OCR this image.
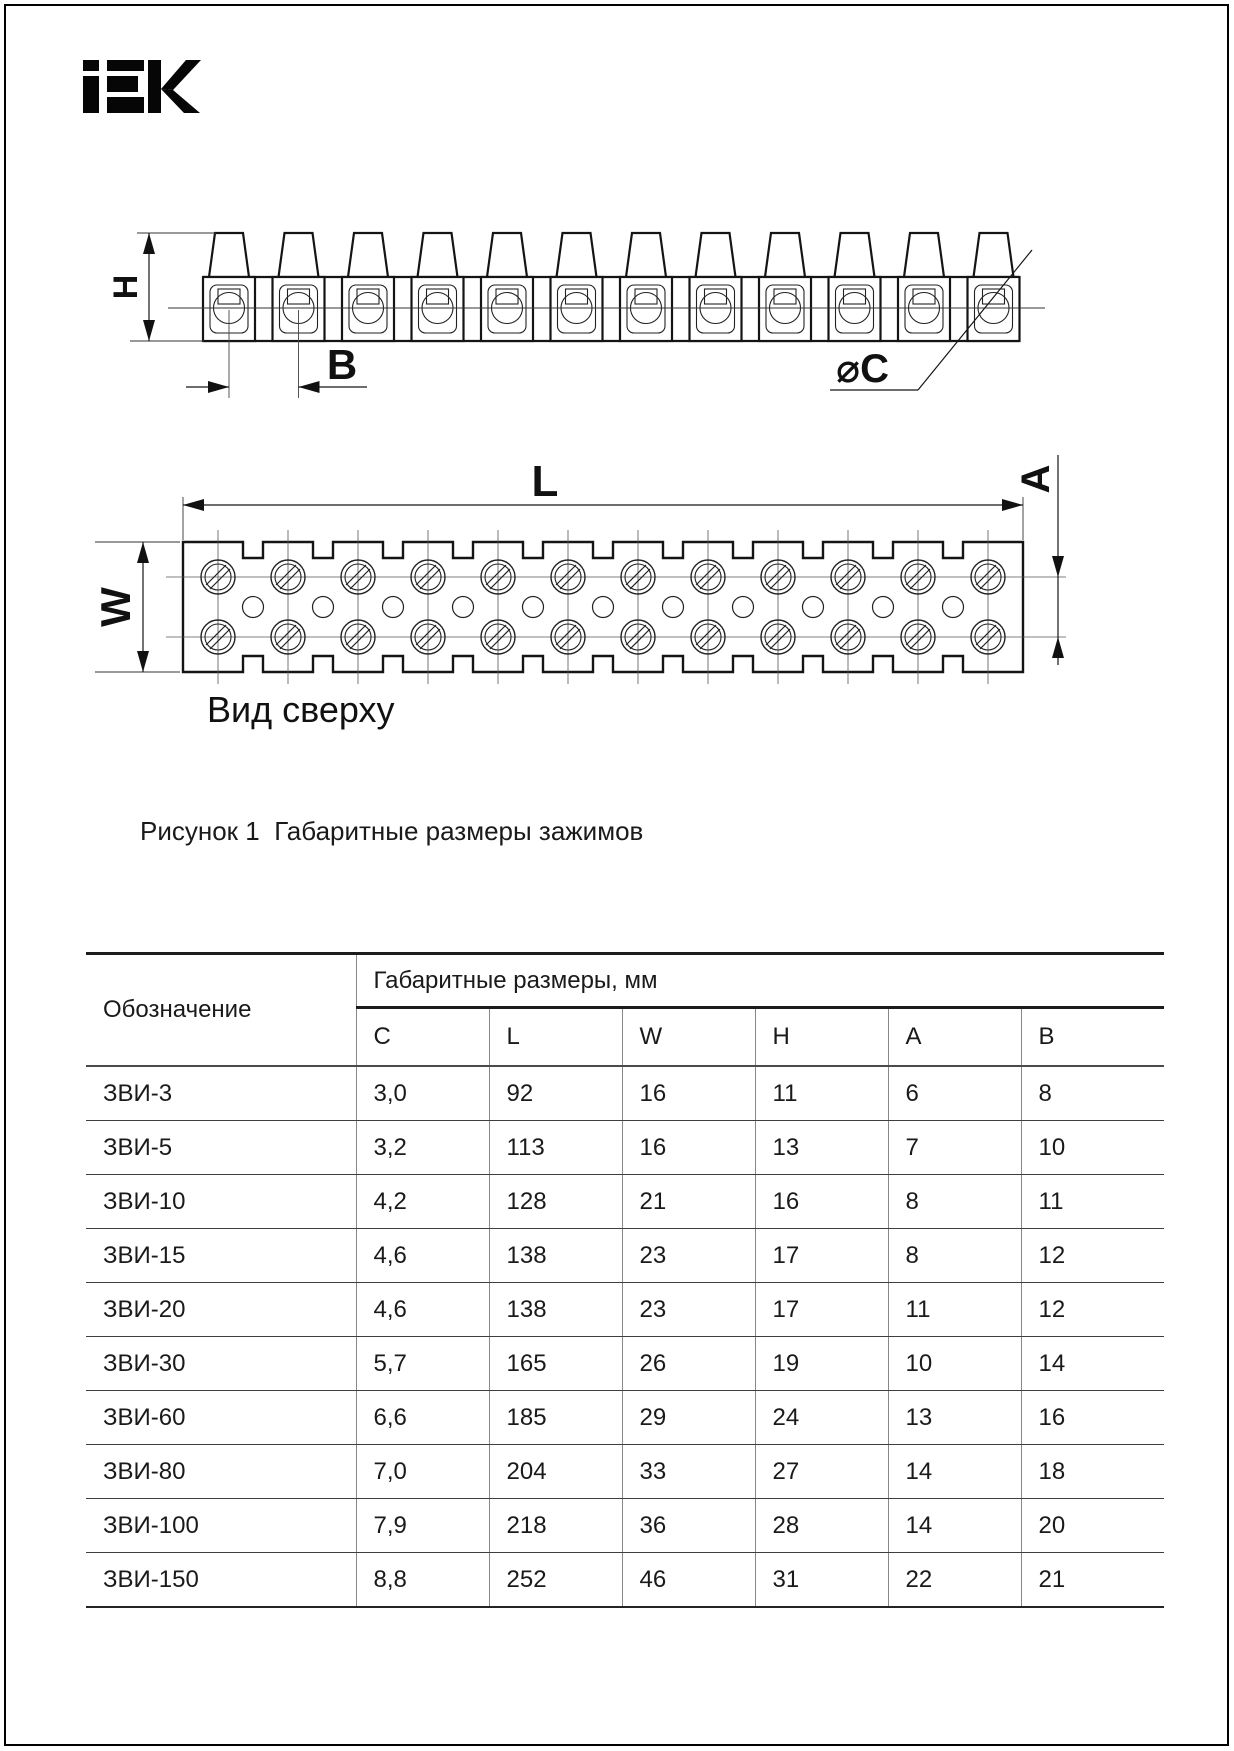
H
B	⌀C
L
W
A
Вид сверху
Рисунок 1  Габаритные размеры зажимов
Обозначение	Габаритные размеры, мм					
	C	L	W	H	A	B
ЗВИ-3	3,0	92	16	11	6	8
ЗВИ-5	3,2	113	16	13	7	10
ЗВИ-10	4,2	128	21	16	8	11
ЗВИ-15	4,6	138	23	17	8	12
ЗВИ-20	4,6	138	23	17	11	12
ЗВИ-30	5,7	165	26	19	10	14
ЗВИ-60	6,6	185	29	24	13	16
ЗВИ-80	7,0	204	33	27	14	18
ЗВИ-100	7,9	218	36	28	14	20
ЗВИ-150	8,8	252	46	31	22	21
